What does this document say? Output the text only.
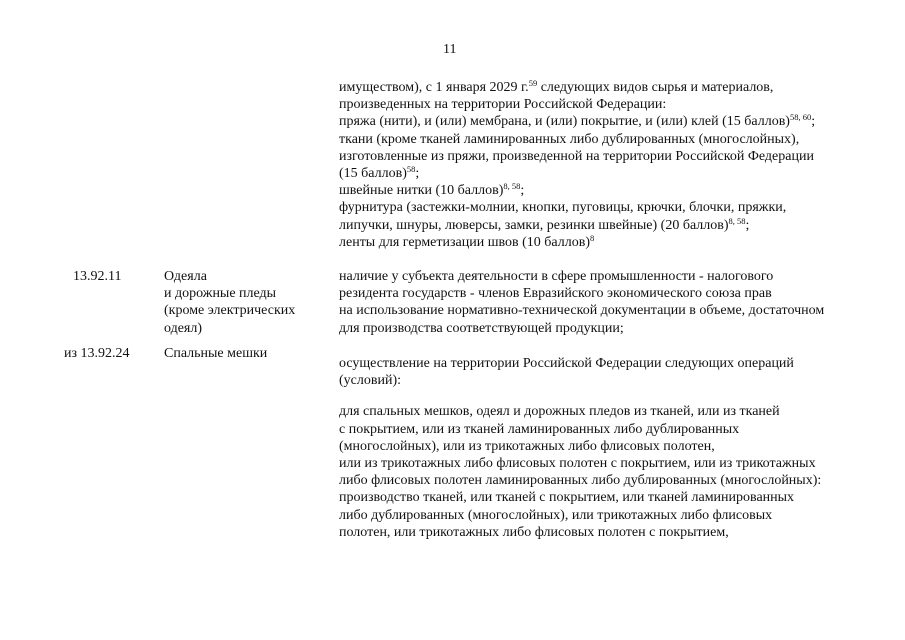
11
имуществом), с 1 января 2029 г.$^{59}$ следующих видов сырья и материалов,
произведенных на территории Российской Федерации:
пряжа (нити), и (или) мембрана, и (или) покрытие, и (или) клей (15 баллов)$^{58, 60}$;
ткани (кроме тканей ламинированных либо дублированных (многослойных),
изготовленные из пряжи, произведенной на территории Российской Федерации
(15 баллов)$^{58}$;
швейные нитки (10 баллов)$^{8, 58}$;
фурнитура (застежки-молнии, кнопки, пуговицы, крючки, блочки, пряжки,
липучки, шнуры, люверсы, замки, резинки швейные) (20 баллов)$^{8, 58}$;
ленты для герметизации швов (10 баллов)$^8$
13.92.11	Одеяла
и дорожные пледы
(кроме электрических
одеял)
наличие у субъекта деятельности в сфере промышленности - налогового
резидента государств - членов Евразийского экономического союза прав
на использование нормативно-технической документации в объеме, достаточном
для производства соответствующей продукции;
из 13.92.24 Спальные мешки
осуществление на территории Российской Федерации следующих операций
(условий):
для спальных мешков, одеял и дорожных пледов из тканей, или из тканей
с покрытием, или из тканей ламинированных либо дублированных
(многослойных), или из трикотажных либо флисовых полотен,
или из трикотажных либо флисовых полотен с покрытием, или из трикотажных
либо флисовых полотен ламинированных либо дублированных (многослойных):
производство тканей, или тканей с покрытием, или тканей ламинированных
либо дублированных (многослойных), или трикотажных либо флисовых
полотен, или трикотажных либо флисовых полотен с покрытием,
